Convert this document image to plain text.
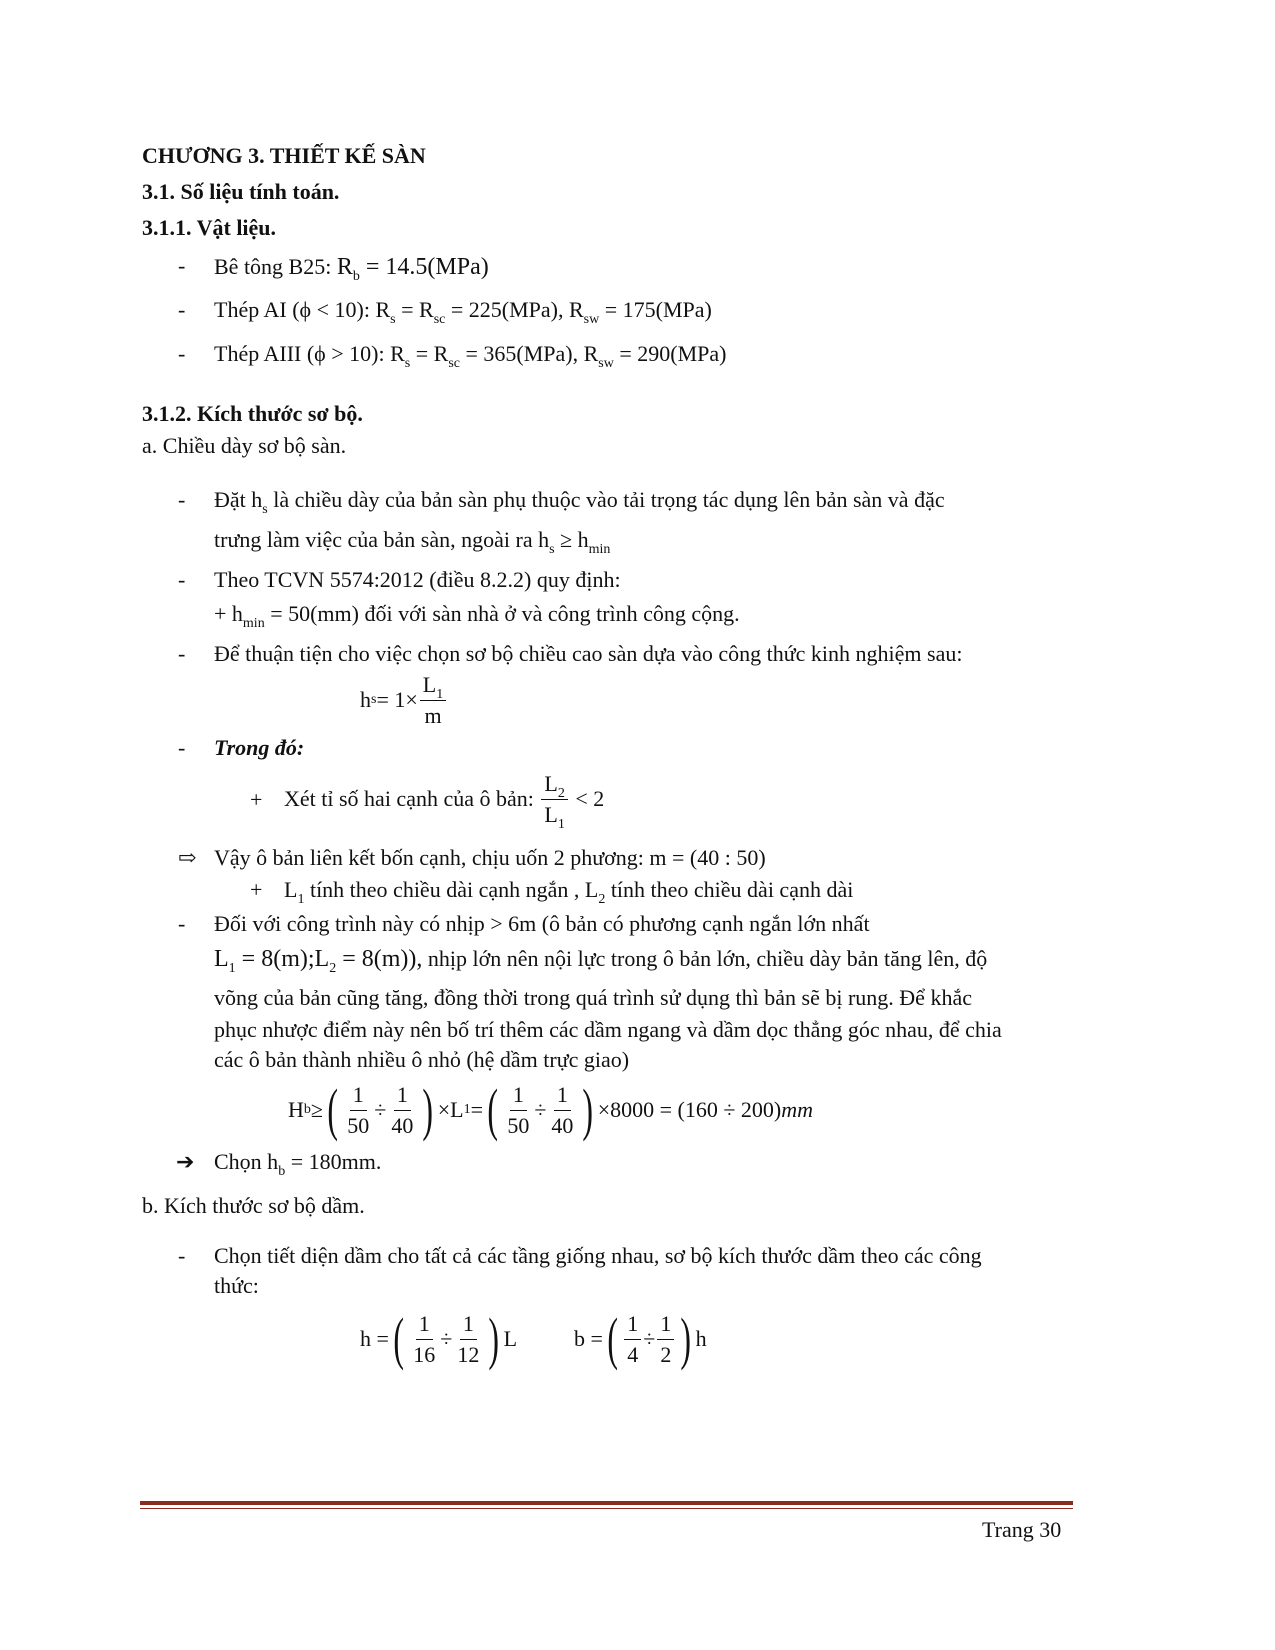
CHƯƠNG 3. THIẾT KẾ SÀN
3.1. Số liệu tính toán.
3.1.1. Vật liệu.
- Bê tông B25: $R_b = 14.5(MPa)$
- Thép AI (ϕ < 10): $R_s = R_{sc} = 225(MPa)$, $R_{sw} = 175(MPa)$
- Thép AIII (ϕ > 10): $R_s = R_{sc} = 365(MPa)$, $R_{sw} = 290(MPa)$
3.1.2. Kích thước sơ bộ.
a. Chiều dày sơ bộ sàn.
- Đặt $h_s$ là chiều dày của bản sàn phụ thuộc vào tải trọng tác dụng lên bản sàn và đặc
trưng làm việc của bản sàn, ngoài ra $h_s \ge h_{min}$
- Theo TCVN 5574:2012 (điều 8.2.2) quy định:
+ $h_{min} = 50(mm)$ đối với sàn nhà ở và công trình công cộng.
- Để thuận tiện cho việc chọn sơ bộ chiều cao sàn dựa vào công thức kinh nghiệm sau:
h $s = 1\times \frac{L_1}{m}$
- Trong đó:
+ Xét tỉ số hai cạnh của ô bản:
$\frac{L_2}{L_1}$
< 2
⇨ Vậy ô bản liên kết bốn cạnh, chịu uốn 2 phương: m = (40 : 50)
+ $L_1$ tính theo chiều dài cạnh ngắn , $L_2$ tính theo chiều dài cạnh dài
- Đối với công trình này có nhịp > 6m (ô bản có phương cạnh ngắn lớn nhất
$L_1$ = $8(m);L_2 = 8(m)$), nhịp lớn nên nội lực trong ô bản lớn, chiều dày bản tăng lên, độ
võng của bản cũng tăng, đồng thời trong quá trình sử dụng thì bản sẽ bị rung. Để khắc
phục nhược điểm này nên bố trí thêm các dầm ngang và dầm dọc thẳng góc nhau, để chia
các ô bản thành nhiều ô nhỏ (hệ dầm trực giao)
H b ≥ ( $\frac{1}{50} \div \frac{1}{40}$ ) ×L 1 = ( $\frac{1}{50} \div \frac{1}{40}$ ) ×8000 = (160 ÷ 200) mm
➔ Chọn $h_b = 180mm$.
b. Kích thước sơ bộ dầm.
- Chọn tiết diện dầm cho tất cả các tầng giống nhau, sơ bộ kích thước dầm theo các công
thức:
h = ( $\frac{1}{16} \div \frac{1}{12}$ ) L	b = ( $\frac{1}{4} \div \frac{1}{2}$ ) h
Trang 30
